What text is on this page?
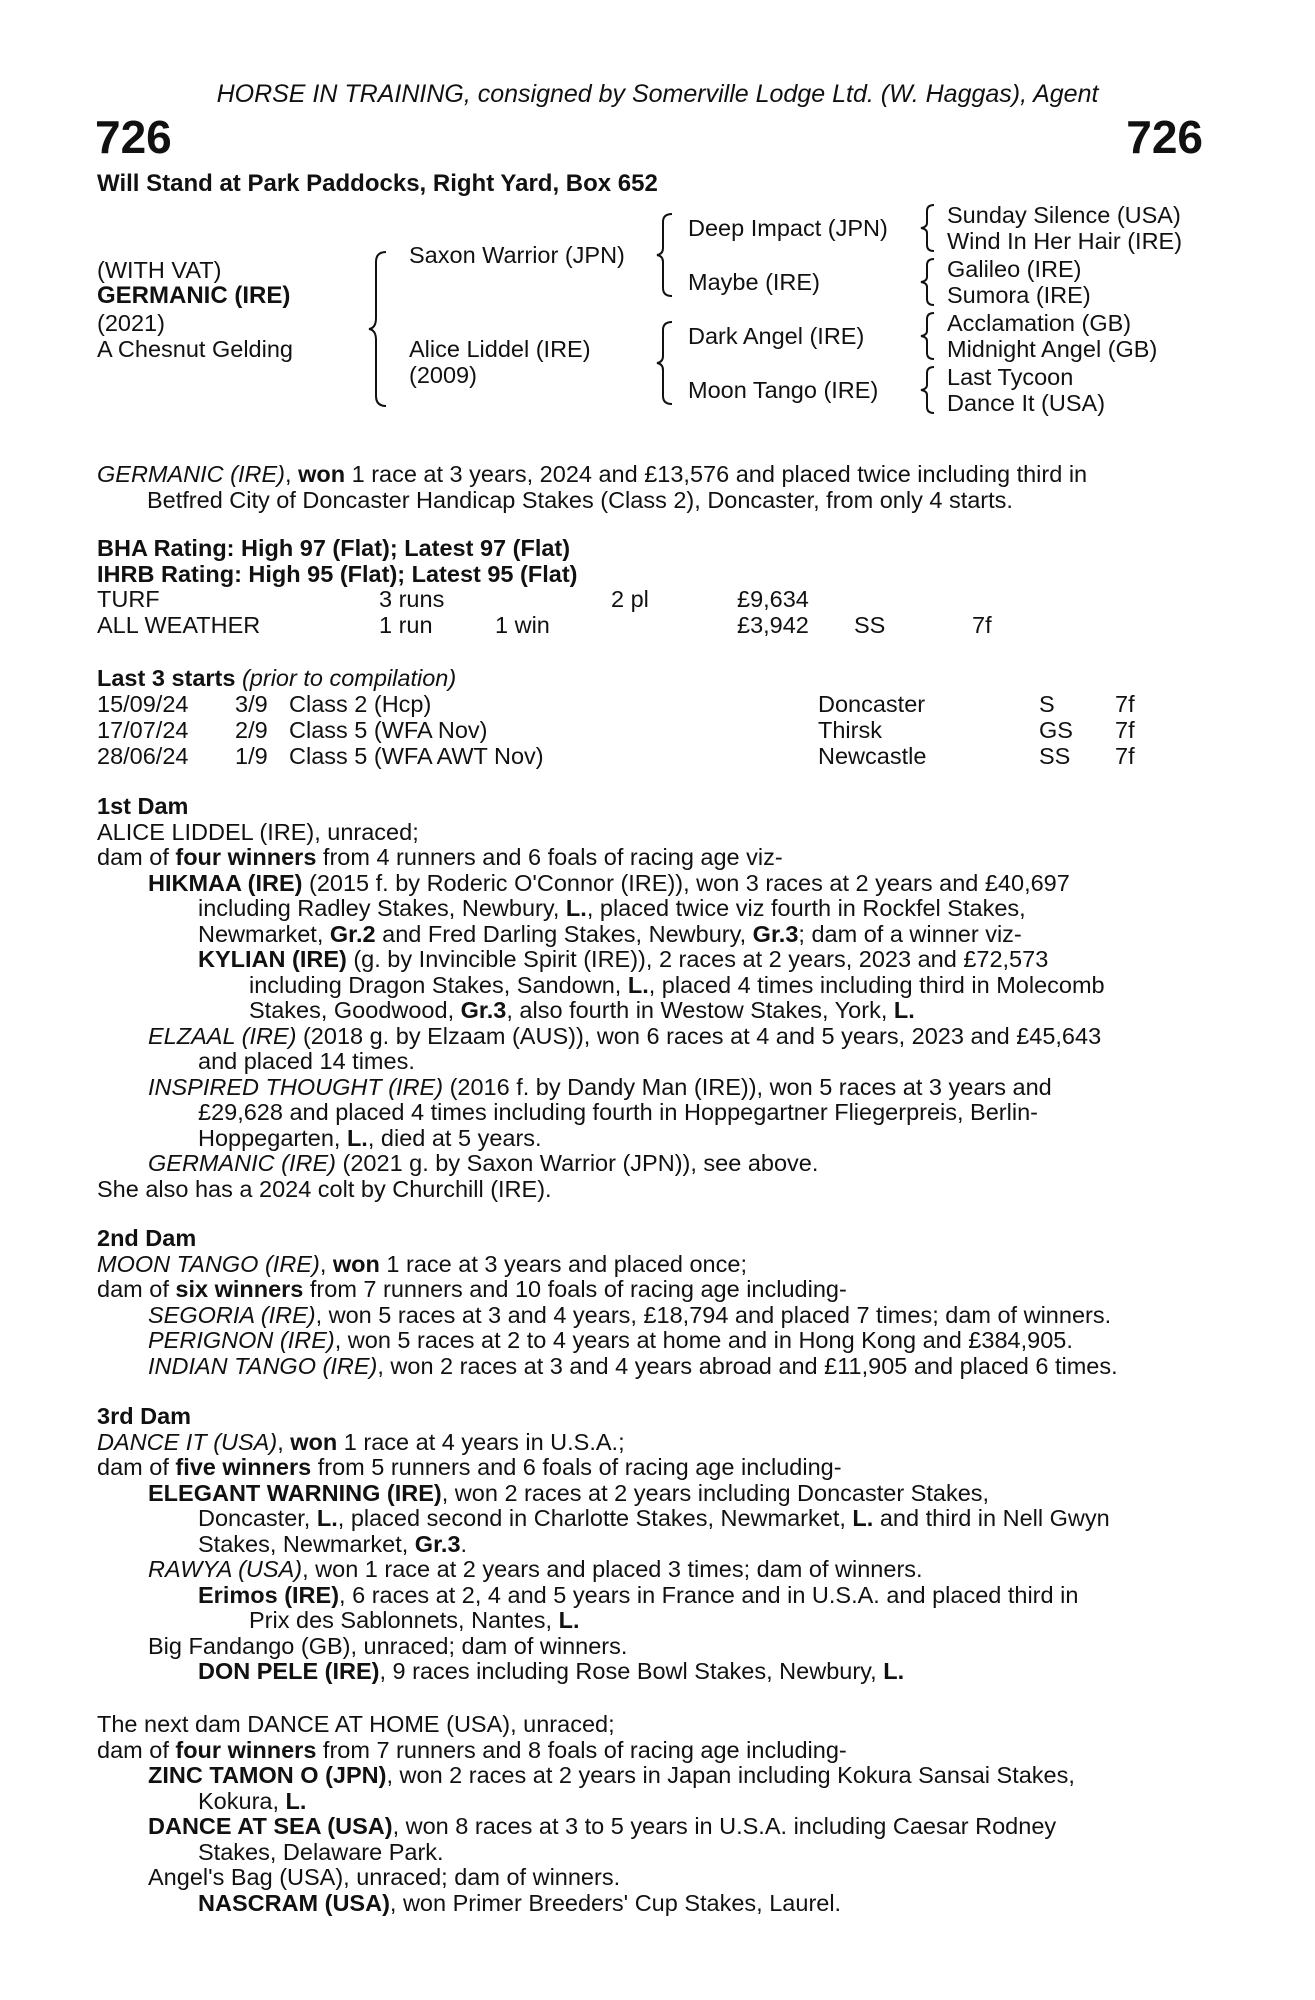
HORSE IN TRAINING, consigned by Somerville Lodge Ltd. (W. Haggas), Agent
726	726
Will Stand at Park Paddocks, Right Yard, Box 652
(WITH VAT)
GERMANIC (IRE)
(2021)
A Chesnut Gelding
Saxon Warrior (JPN)
Alice Liddel (IRE)
(2009)
Deep Impact (JPN)
Maybe (IRE)
Dark Angel (IRE)
Moon Tango (IRE)
Sunday Silence (USA)
Wind In Her Hair (IRE)
Galileo (IRE)
Sumora (IRE)
Acclamation (GB)
Midnight Angel (GB)
Last Tycoon
Dance It (USA)
GERMANIC (IRE), won 1 race at 3 years, 2024 and £13,576 and placed twice including third in
Betfred City of Doncaster Handicap Stakes (Class 2), Doncaster, from only 4 starts.
BHA Rating: High 97 (Flat); Latest 97 (Flat)
IHRB Rating: High 95 (Flat); Latest 95 (Flat)
TURF	3 runs	2 pl	£9,634
ALL WEATHER	1 run	1 win	£3,942 SS	7f
Last 3 starts (prior to compilation)
15/09/24 3/9 Class 2 (Hcp)	Doncaster	S	7f
17/07/24 2/9 Class 5 (WFA Nov)	Thirsk	GS 7f
28/06/24 1/9 Class 5 (WFA AWT Nov)	Newcastle	SS 7f
1st Dam
ALICE LIDDEL (IRE), unraced;
dam of four winners from 4 runners and 6 foals of racing age viz-
HIKMAA (IRE) (2015 f. by Roderic O'Connor (IRE)), won 3 races at 2 years and £40,697
including Radley Stakes, Newbury, L., placed twice viz fourth in Rockfel Stakes,
Newmarket, Gr.2 and Fred Darling Stakes, Newbury, Gr.3; dam of a winner viz-
KYLIAN (IRE) (g. by Invincible Spirit (IRE)), 2 races at 2 years, 2023 and £72,573
including Dragon Stakes, Sandown, L., placed 4 times including third in Molecomb
Stakes, Goodwood, Gr.3, also fourth in Westow Stakes, York, L.
ELZAAL (IRE) (2018 g. by Elzaam (AUS)), won 6 races at 4 and 5 years, 2023 and £45,643
and placed 14 times.
INSPIRED THOUGHT (IRE) (2016 f. by Dandy Man (IRE)), won 5 races at 3 years and
£29,628 and placed 4 times including fourth in Hoppegartner Fliegerpreis, Berlin-
Hoppegarten, L., died at 5 years.
GERMANIC (IRE) (2021 g. by Saxon Warrior (JPN)), see above.
She also has a 2024 colt by Churchill (IRE).
2nd Dam
MOON TANGO (IRE), won 1 race at 3 years and placed once;
dam of six winners from 7 runners and 10 foals of racing age including-
SEGORIA (IRE), won 5 races at 3 and 4 years, £18,794 and placed 7 times; dam of winners.
PERIGNON (IRE), won 5 races at 2 to 4 years at home and in Hong Kong and £384,905.
INDIAN TANGO (IRE), won 2 races at 3 and 4 years abroad and £11,905 and placed 6 times.
3rd Dam
DANCE IT (USA), won 1 race at 4 years in U.S.A.;
dam of five winners from 5 runners and 6 foals of racing age including-
ELEGANT WARNING (IRE), won 2 races at 2 years including Doncaster Stakes,
Doncaster, L., placed second in Charlotte Stakes, Newmarket, L. and third in Nell Gwyn
Stakes, Newmarket, Gr.3.
RAWYA (USA), won 1 race at 2 years and placed 3 times; dam of winners.
Erimos (IRE), 6 races at 2, 4 and 5 years in France and in U.S.A. and placed third in
Prix des Sablonnets, Nantes, L.
Big Fandango (GB), unraced; dam of winners.
DON PELE (IRE), 9 races including Rose Bowl Stakes, Newbury, L.
The next dam DANCE AT HOME (USA), unraced;
dam of four winners from 7 runners and 8 foals of racing age including-
ZINC TAMON O (JPN), won 2 races at 2 years in Japan including Kokura Sansai Stakes,
Kokura, L.
DANCE AT SEA (USA), won 8 races at 3 to 5 years in U.S.A. including Caesar Rodney
Stakes, Delaware Park.
Angel's Bag (USA), unraced; dam of winners.
NASCRAM (USA), won Primer Breeders' Cup Stakes, Laurel.
